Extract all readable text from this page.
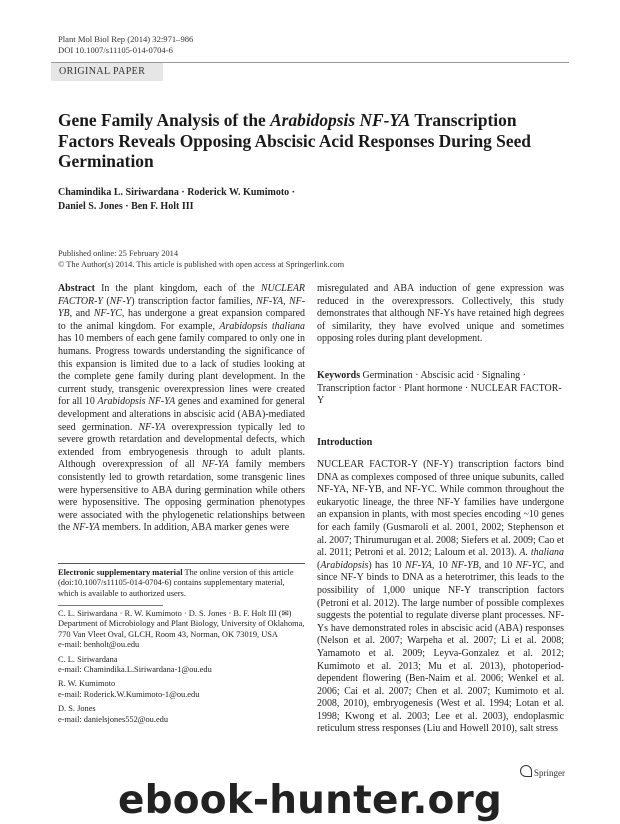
Plant Mol Biol Rep (2014) 32:971–986
DOI 10.1007/s11105-014-0704-6
ORIGINAL PAPER
Gene Family Analysis of the Arabidopsis NF-YA Transcription Factors Reveals Opposing Abscisic Acid Responses During Seed Germination
Chamindika L. Siriwardana · Roderick W. Kumimoto ·
Daniel S. Jones · Ben F. Holt III
Published online: 25 February 2014
© The Author(s) 2014. This article is published with open access at Springerlink.com

Abstract In the plant kingdom, each of the NUCLEAR FACTOR-Y (NF-Y) transcription factor families, NF-YA, NF-YB, and NF-YC, has undergone a great expansion compared to the animal kingdom. For example, Arabidopsis thaliana has 10 members of each gene family compared to only one in humans. Progress towards understanding the significance of this expansion is limited due to a lack of studies looking at the complete gene family during plant development. In the current study, transgenic overexpression lines were created for all 10 Arabidopsis NF-YA genes and examined for general development and alterations in abscisic acid (ABA)-mediated seed germination. NF-YA overexpression typically led to severe growth retardation and developmental defects, which extended from embryogenesis through to adult plants. Although overexpression of all NF-YA family members consistently led to growth retardation, some transgenic lines were hypersensitive to ABA during germination while others were hyposensitive. The opposing germination phenotypes were associated with the phylogenetic relationships between the NF-YA members. In addition, ABA marker genes were

Electronic supplementary material The online version of this article (doi:10.1007/s11105-014-0704-6) contains supplementary material, which is available to authorized users.

C. L. Siriwardana · R. W. Kumimoto · D. S. Jones · B. F. Holt III (✉)
Department of Microbiology and Plant Biology, University of Oklahoma, 770 Van Vleet Oval, GLCH, Room 43, Norman, OK 73019, USA
e-mail: benholt@ou.edu

C. L. Siriwardana
e-mail: Chamindika.L.Siriwardana-1@ou.edu

R. W. Kumimoto
e-mail: Roderick.W.Kumimoto-1@ou.edu

D. S. Jones
e-mail: danielsjones552@ou.edu

misregulated and ABA induction of gene expression was reduced in the overexpressors. Collectively, this study demonstrates that although NF-Ys have retained high degrees of similarity, they have evolved unique and sometimes opposing roles during plant development.

Keywords Germination · Abscisic acid · Signaling · Transcription factor · Plant hormone · NUCLEAR FACTOR-Y
Introduction
NUCLEAR FACTOR-Y (NF-Y) transcription factors bind DNA as complexes composed of three unique subunits, called NF-YA, NF-YB, and NF-YC. While common throughout the eukaryotic lineage, the three NF-Y families have undergone an expansion in plants, with most species encoding ~10 genes for each family (Gusmaroli et al. 2001, 2002; Stephenson et al. 2007; Thirumurugan et al. 2008; Siefers et al. 2009; Cao et al. 2011; Petroni et al. 2012; Laloum et al. 2013). A. thaliana (Arabidopsis) has 10 NF-YA, 10 NF-YB, and 10 NF-YC, and since NF-Y binds to DNA as a heterotrimer, this leads to the possibility of 1,000 unique NF-Y transcription factors (Petroni et al. 2012). The large number of possible complexes suggests the potential to regulate diverse plant processes. NF-Ys have demonstrated roles in abscisic acid (ABA) responses (Nelson et al. 2007; Warpeha et al. 2007; Li et al. 2008; Yamamoto et al. 2009; Leyva-Gonzalez et al. 2012; Kumimoto et al. 2013; Mu et al. 2013), photoperiod-dependent flowering (Ben-Naim et al. 2006; Wenkel et al. 2006; Cai et al. 2007; Chen et al. 2007; Kumimoto et al. 2008, 2010), embryogenesis (West et al. 1994; Lotan et al. 1998; Kwong et al. 2003; Lee et al. 2003), endoplasmic reticulum stress responses (Liu and Howell 2010), salt stress
Springer
ebook-hunter.org
